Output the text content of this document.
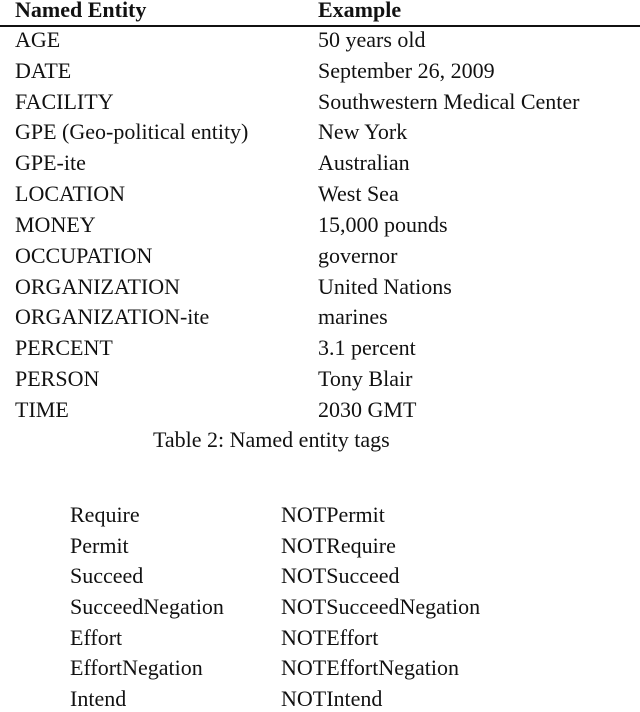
Named Entity	Example
AGE	50 years old
DATE	September 26, 2009
FACILITY	Southwestern Medical Center
GPE (Geo-political entity)	New York
GPE-ite	Australian
LOCATION	West Sea
MONEY	15,000 pounds
OCCUPATION	governor
ORGANIZATION	United Nations
ORGANIZATION-ite	marines
PERCENT	3.1 percent
PERSON	Tony Blair
TIME	2030 GMT
Table 2: Named entity tags
Require	NOTPermit
Permit	NOTRequire
Succeed	NOTSucceed
SucceedNegation	NOTSucceedNegation
Effort	NOTEffort
EffortNegation	NOTEffortNegation
Intend	NOTIntend
